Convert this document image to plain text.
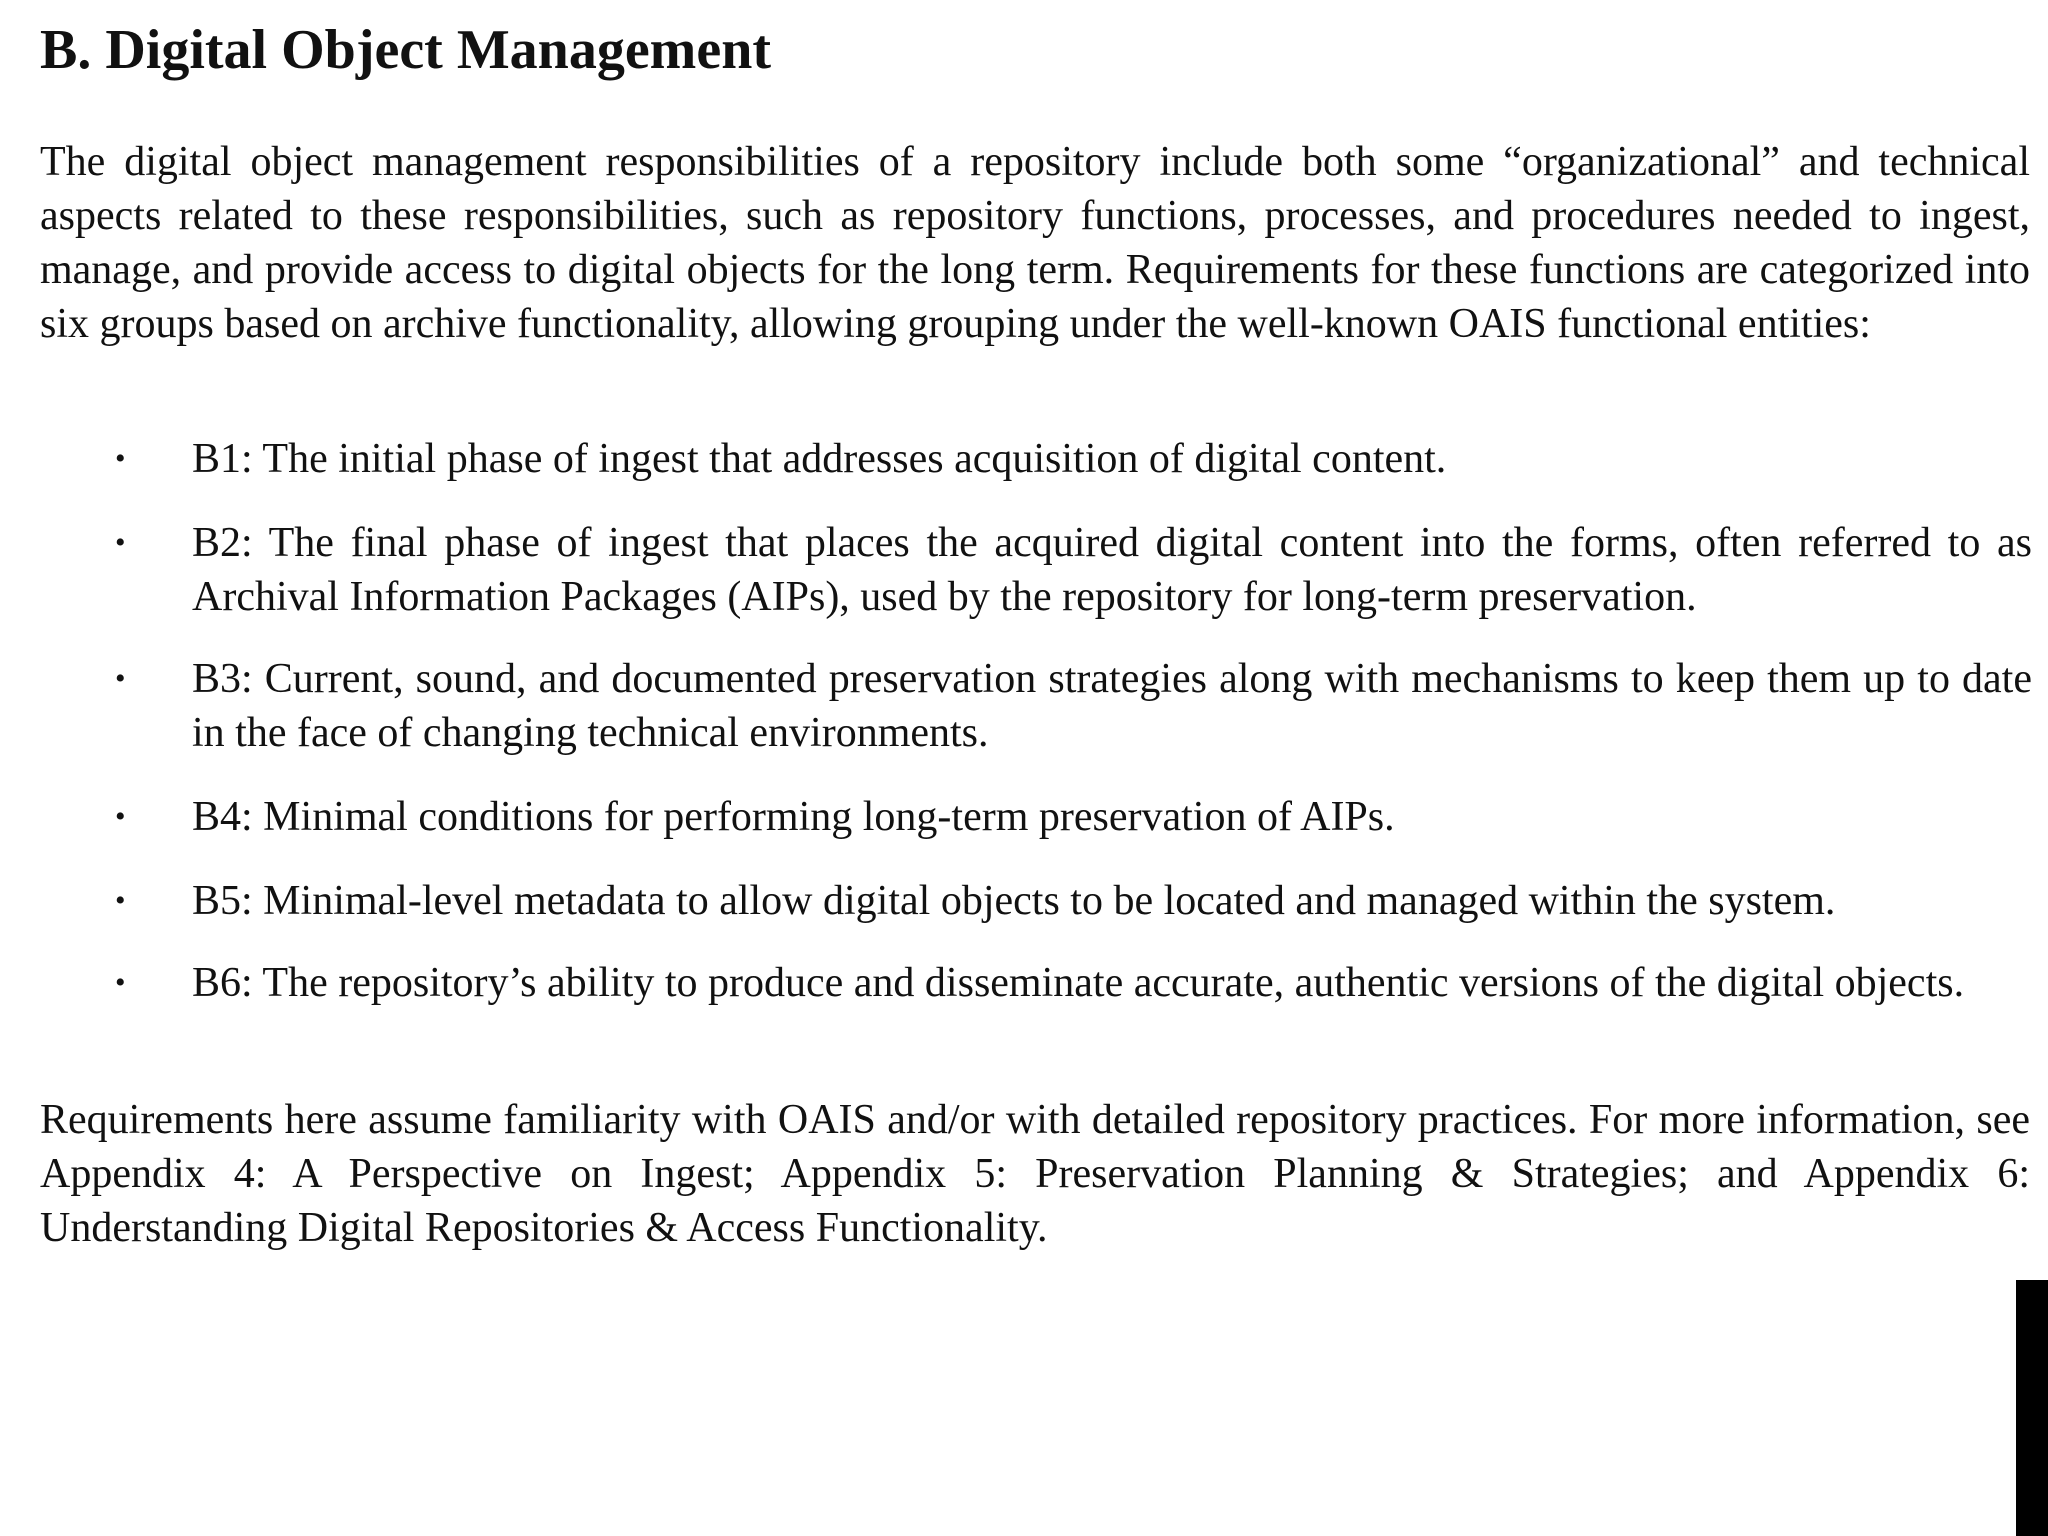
B. Digital Object Management

The digital object management responsibilities of a repository include both some “organizational” and technical aspects related to these responsibilities, such as repository functions, processes, and procedures needed to ingest, manage, and provide access to digital objects for the long term. Requirements for these functions are categorized into six groups based on archive functionality, allowing grouping under the well-known OAIS functional entities:

• B1: The initial phase of ingest that addresses acquisition of digital content.

• B2: The final phase of ingest that places the acquired digital content into the forms, often referred to as Archival Information Packages (AIPs), used by the repository for long-term preservation.

• B3: Current, sound, and documented preservation strategies along with mechanisms to keep them up to date in the face of changing technical environments.

• B4: Minimal conditions for performing long-term preservation of AIPs.

• B5: Minimal-level metadata to allow digital objects to be located and managed within the system.

• B6: The repository’s ability to produce and disseminate accurate, authentic versions of the digital objects.

Requirements here assume familiarity with OAIS and/or with detailed repository practices. For more information, see Appendix 4: A Perspective on Ingest; Appendix 5: Preservation Planning & Strategies; and Appendix 6: Understanding Digital Repositories & Access Functionality.
